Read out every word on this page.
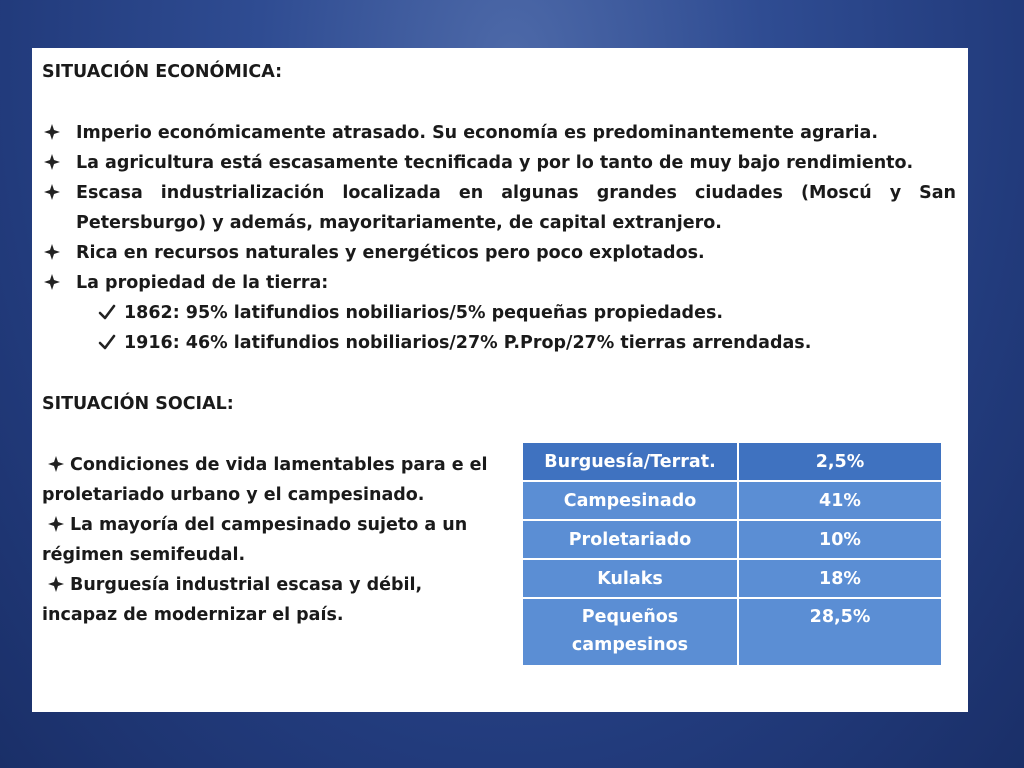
SITUACIÓN ECONÓMICA:
Imperio económicamente atrasado. Su economía es predominantemente agraria.
La agricultura está escasamente tecnificada y por lo tanto de muy bajo rendimiento.
Escasa industrialización localizada en algunas grandes ciudades (Moscú y San Petersburgo) y además, mayoritariamente, de capital extranjero.
Rica en recursos naturales y energéticos pero poco explotados.
La propiedad de la tierra:
1862: 95% latifundios nobiliarios/5% pequeñas propiedades.
1916: 46% latifundios nobiliarios/27% P.Prop/27% tierras arrendadas.
SITUACIÓN SOCIAL:
Condiciones de vida lamentables para e el proletariado urbano y el campesinado.
La mayoría del campesinado sujeto a un régimen semifeudal.
Burguesía industrial escasa y débil, incapaz de modernizar el país.
Burguesía/Terrat.	2,5%
Campesinado	41%
Proletariado	10%
Kulaks	18%
Pequeños campesinos	28,5%
